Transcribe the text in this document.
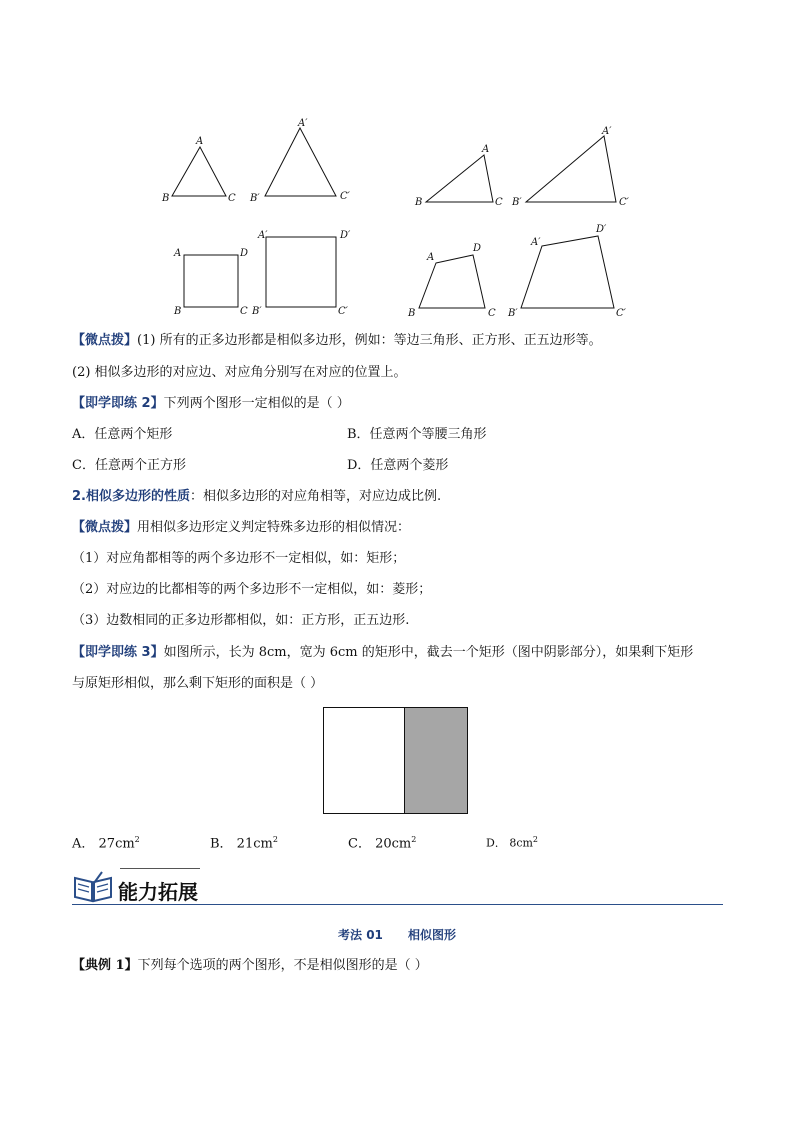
A
B	C
A′
B′	C′
A
B	C
A′
B′	C′
A
B	C
D
A′
B′	C′
D′
A
B	C
D
A′
B′	C′
D′
【微点拨】(1) 所有的正多边形都是相似多边形，例如：等边三角形、正方形、正五边形等。
(2) 相似多边形的对应边、对应角分别写在对应的位置上。
【即学即练 2】下列两个图形一定相似的是（ ）
A．任意两个矩形	B．任意两个等腰三角形
C．任意两个正方形	D．任意两个菱形
2.相似多边形的性质：相似多边形的对应角相等，对应边成比例.
【微点拨】用相似多边形定义判定特殊多边形的相似情况：
（1）对应角都相等的两个多边形不一定相似，如：矩形；
（2）对应边的比都相等的两个多边形不一定相似，如：菱形；
（3）边数相同的正多边形都相似，如：正方形，正五边形.
【即学即练 3】如图所示，长为 8cm，宽为 6cm 的矩形中，截去一个矩形（图中阴影部分），如果剩下矩形
与原矩形相似，那么剩下矩形的面积是（ ）
A． $27cm^2$	B． $21cm^2$	C． $20cm^2$	D． $8cm^2$
能力拓展
考法 01      相似图形
【典例 1】下列每个选项的两个图形，不是相似图形的是（ ）
